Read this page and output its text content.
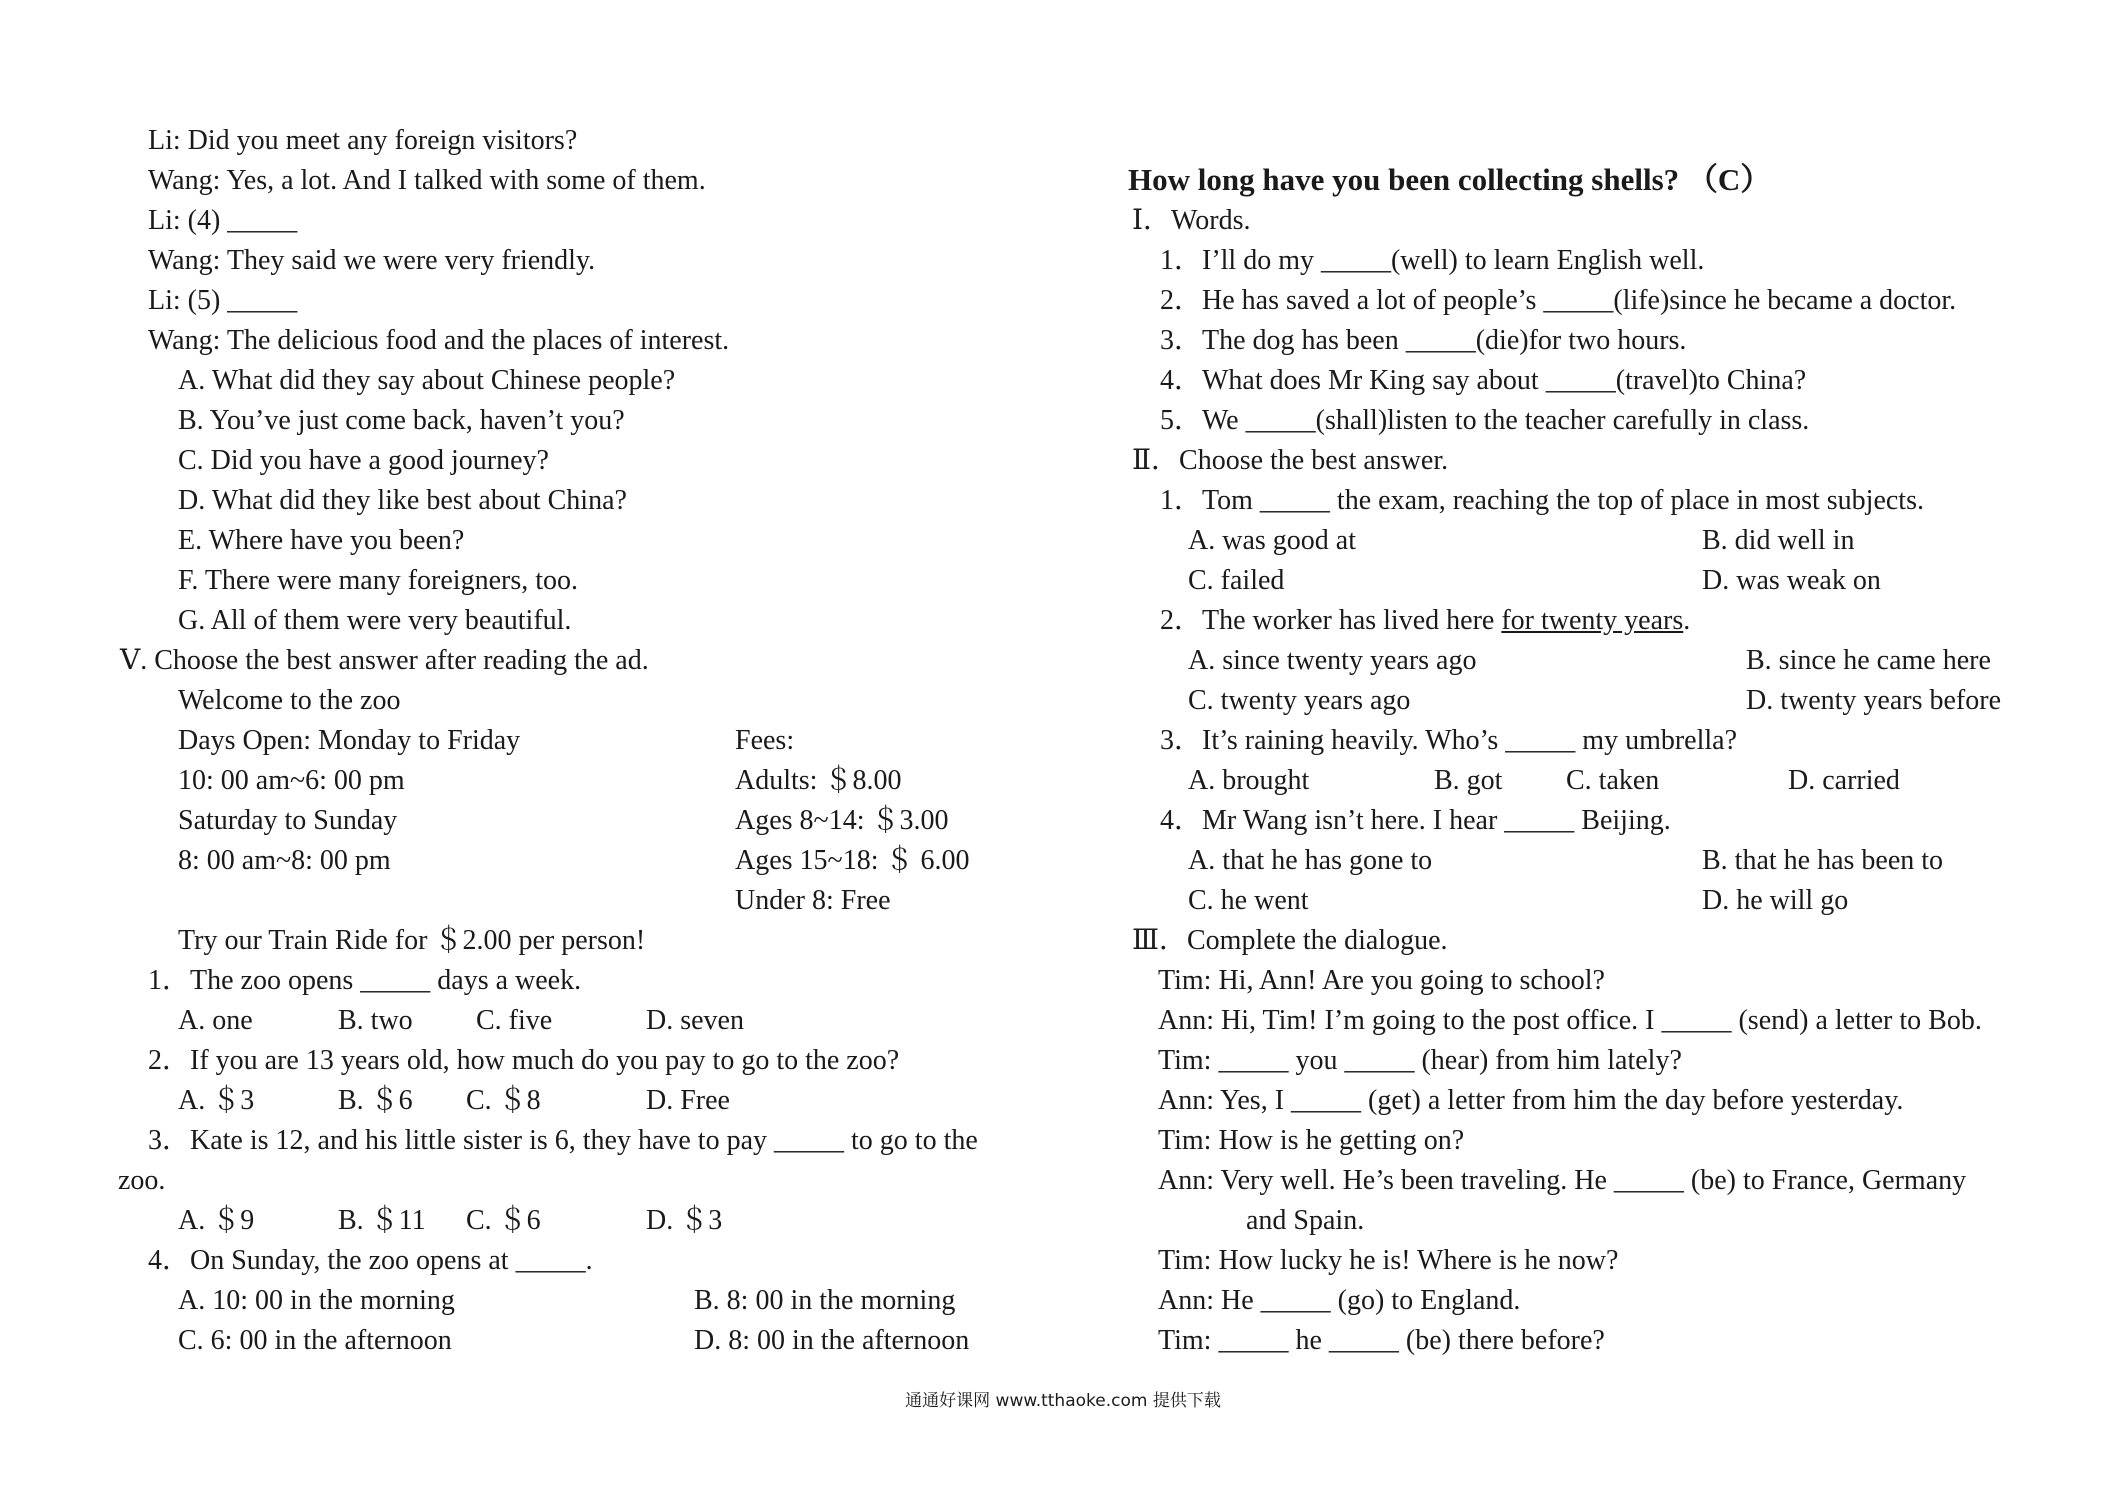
Li: Did you meet any foreign visitors?
Wang: Yes, a lot. And I talked with some of them.
Li: (4) _____
Wang: They said we were very friendly.
Li: (5) _____
Wang: The delicious food and the places of interest.
A. What did they say about Chinese people?
B. You’ve just come back, haven’t you?
C. Did you have a good journey?
D. What did they like best about China?
E. Where have you been?
F. There were many foreigners, too.
G. All of them were very beautiful.
Ⅴ. Choose the best answer after reading the ad.
Welcome to the zoo
Days Open: Monday to Friday
10: 00 am~6: 00 pm
Saturday to Sunday
8: 00 am~8: 00 pm
Fees:
Adults: ＄8.00
Ages 8~14: ＄3.00
Ages 15~18: ＄ 6.00
Under 8: Free
Try our Train Ride for ＄2.00 per person!
1．The zoo opens _____ days a week.
A. one	B. two C. five	D. seven
2．If you are 13 years old, how much do you pay to go to the zoo?
A. ＄3	B. ＄6 C. ＄8	D. Free
3．Kate is 12, and his little sister is 6, they have to pay _____ to go to the
zoo.
A. ＄9	B. ＄11 C. ＄6	D. ＄3
4．On Sunday, the zoo opens at _____.
A. 10: 00 in the morning	B. 8: 00 in the morning
C. 6: 00 in the afternoon	D. 8: 00 in the afternoon
How long have you been collecting shells? （C）
Ⅰ．Words.
1．I’ll do my _____(well) to learn English well.
2．He has saved a lot of people’s _____(life)since he became a doctor.
3．The dog has been _____(die)for two hours.
4．What does Mr King say about _____(travel)to China?
5．We _____(shall)listen to the teacher carefully in class.
Ⅱ．Choose the best answer.
1．Tom _____ the exam, reaching the top of place in most subjects.
A. was good at	B. did well in
C. failed	D. was weak on
2．The worker has lived here for twenty years.
A. since twenty years ago	B. since he came here
C. twenty years ago	D. twenty years before
3．It’s raining heavily. Who’s _____ my umbrella?
A. brought	B. got C. taken	D. carried
4．Mr Wang isn’t here. I hear _____ Beijing.
A. that he has gone to	B. that he has been to
C. he went	D. he will go
Ⅲ．Complete the dialogue.
Tim: Hi, Ann! Are you going to school?
Ann: Hi, Tim! I’m going to the post office. I _____ (send) a letter to Bob.
Tim: _____ you _____ (hear) from him lately?
Ann: Yes, I _____ (get) a letter from him the day before yesterday.
Tim: How is he getting on?
Ann: Very well. He’s been traveling. He _____ (be) to France, Germany
and Spain.
Tim: How lucky he is! Where is he now?
Ann: He _____ (go) to England.
Tim: _____ he _____ (be) there before?
通通好课网 www.tthaoke.com 提供下载
